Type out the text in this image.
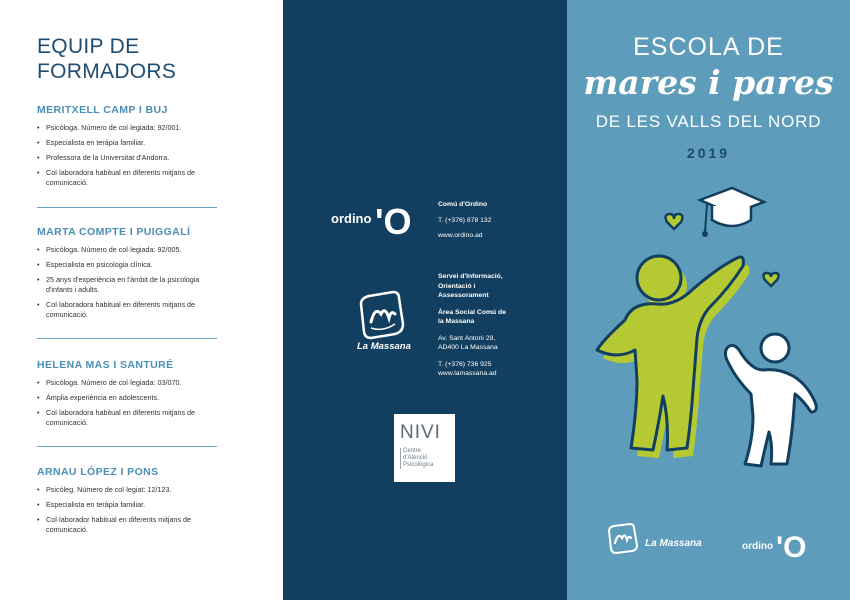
EQUIP DE
FORMADORS
MERITXELL CAMP I BUJ
• Psicòloga. Número de col·legiada: 92/001.
• Especialista en teràpia familiar.
• Professora de la Universitat d'Andorra.
• Col·laboradora habitual en diferents mitjans de comunicació.
MARTA COMPTE I PUIGGALÍ
• Psicòloga. Número de col·legiada: 92/005.
• Especialista en psicologia clínica.
• 25 anys d'experiència en l'àmbit de la psicologia d'infants i adults.
• Col·laboradora habitual en diferents mitjans de comunicació.
HELENA MAS I SANTURÉ
• Psicòloga. Número de col·legiada: 03/070.
• Àmplia experiència en adolescents.
• Col·laboradora habitual en diferents mitjans de comunicació.
ARNAU LÓPEZ I PONS
• Psicòleg. Número de col·legiat: 12/123.
• Especialista en teràpia familiar.
• Col·laborador habitual en diferents mitjans de comunicació.
ordino 'O	Comú d'Ordino
T. (+376) 878 132
www.ordino.ad
La Massana
Servei d'Informació,
Orientació i
Assessorament
Àrea Social Comú de
la Massana
Av. Sant Antoni 29,
AD400 La Massana
T. (+376) 736 925
www.lamassana.ad
NIVI
Centre
d'Atenció
Psicològica
ESCOLA DE
mares i pares
DE LES VALLS DEL NORD
2019
La Massana	ordino 'O
